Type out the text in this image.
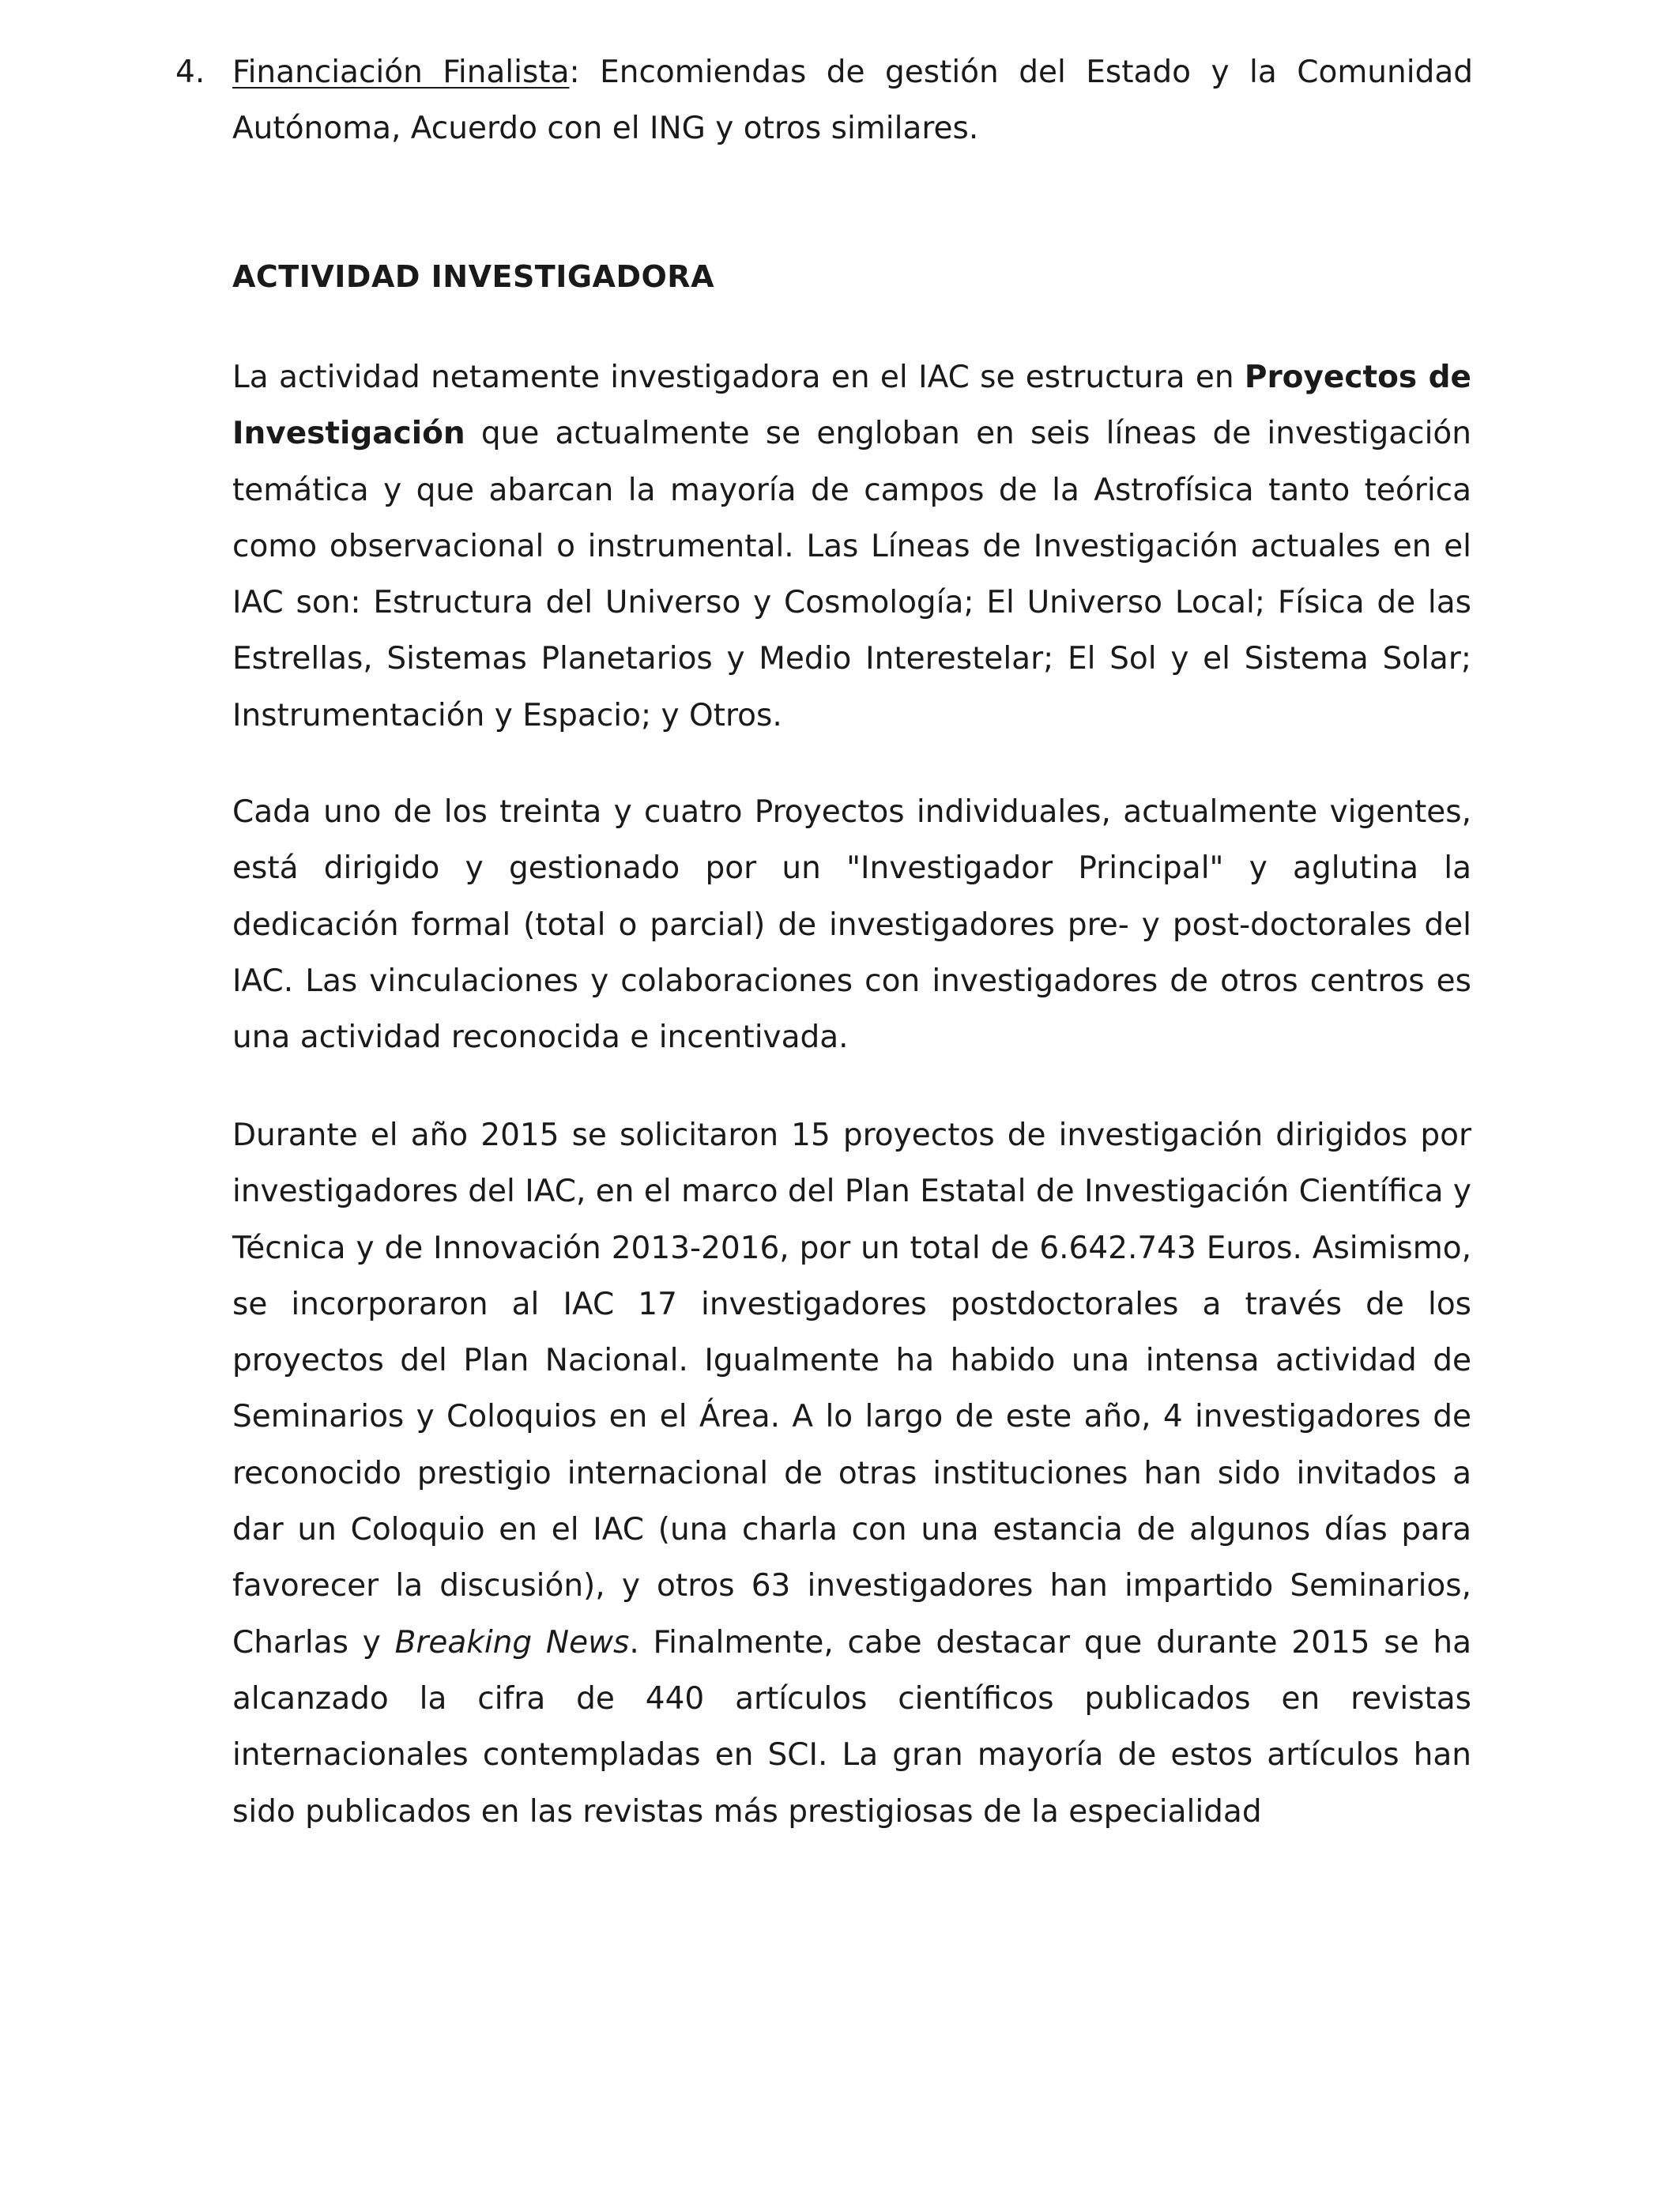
4. Financiación Finalista: Encomiendas de gestión del Estado y la Comunidad Autónoma, Acuerdo con el ING y otros similares.
ACTIVIDAD INVESTIGADORA

La actividad netamente investigadora en el IAC se estructura en Proyectos de Investigación que actualmente se engloban en seis líneas de investigación temática y que abarcan la mayoría de campos de la Astrofísica tanto teórica como observacional o instrumental. Las Líneas de Investigación actuales en el IAC son: Estructura del Universo y Cosmología; El Universo Local; Física de las Estrellas, Sistemas Planetarios y Medio Interestelar; El Sol y el Sistema Solar; Instrumentación y Espacio; y Otros.

Cada uno de los treinta y cuatro Proyectos individuales, actualmente vigentes, está dirigido y gestionado por un "Investigador Principal" y aglutina la dedicación formal (total o parcial) de investigadores pre- y post-doctorales del IAC. Las vinculaciones y colaboraciones con investigadores de otros centros es una actividad reconocida e incentivada.

Durante el año 2015 se solicitaron 15 proyectos de investigación dirigidos por investigadores del IAC, en el marco del Plan Estatal de Investigación Científica y Técnica y de Innovación 2013-2016, por un total de 6.642.743 Euros. Asimismo, se incorporaron al IAC 17 investigadores postdoctorales a través de los proyectos del Plan Nacional. Igualmente ha habido una intensa actividad de Seminarios y Coloquios en el Área. A lo largo de este año, 4 investigadores de reconocido prestigio internacional de otras instituciones han sido invitados a dar un Coloquio en el IAC (una charla con una estancia de algunos días para favorecer la discusión), y otros 63 investigadores han impartido Seminarios, Charlas y Breaking News. Finalmente, cabe destacar que durante 2015 se ha alcanzado la cifra de 440 artículos científicos publicados en revistas internacionales contempladas en SCI. La gran mayoría de estos artículos han sido publicados en las revistas más prestigiosas de la especialidad
